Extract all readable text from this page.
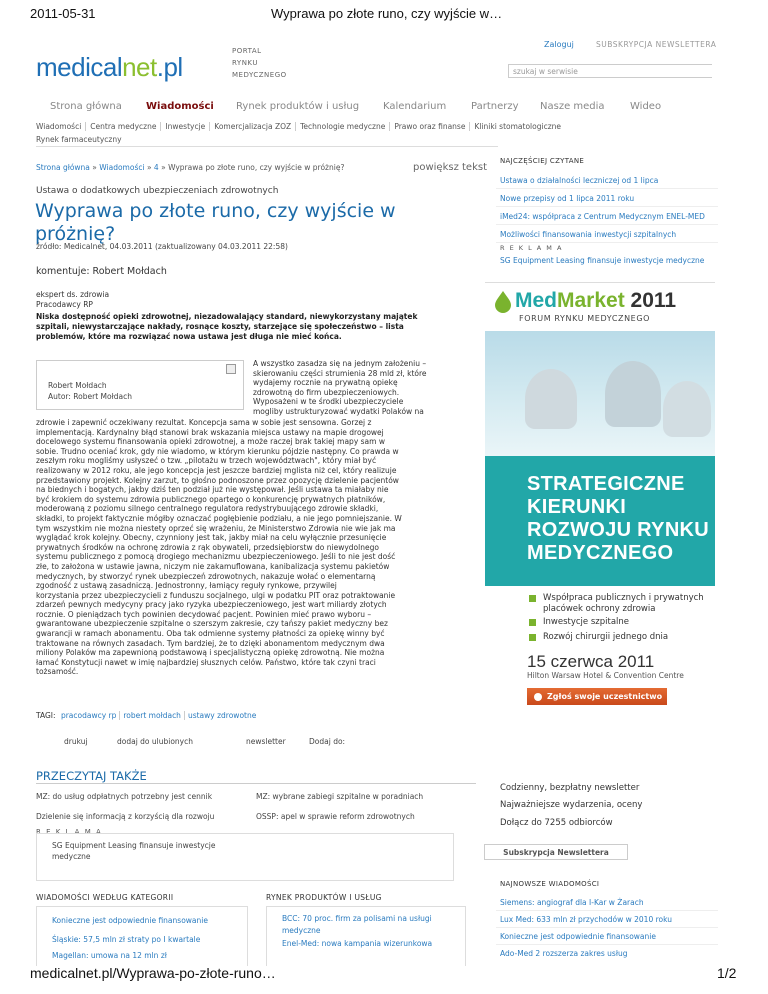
2011-05-31	Wyprawa po złote runo, czy wyjście w…
medicalnet.pl/Wyprawa-po-złote-runo…	1/2
Zaloguj	SUBSKRYPCJA NEWSLETTERA
medicalnet.pl
PORTAL
RYNKU
MEDYCZNEGO	szukaj w serwisie
Strona główna Wiadomości Rynek produktów i usług Kalendarium Partnerzy Nasze media	Wideo
Wiadomości Centra medyczne Inwestycje Komercjalizacja ZOZ Technologie medyczne Prawo oraz finanse Kliniki stomatologiczne
Rynek farmaceutyczny
Strona główna » Wiadomości » 4 » Wyprawa po złote runo, czy wyjście w próżnię?	powiększ tekst
Ustawa o dodatkowych ubezpieczeniach zdrowotnych
Wyprawa po złote runo, czy wyjście w próżnię?
źródło: Medicalnet, 04.03.2011 (zaktualizowany 04.03.2011 22:58)
komentuje: Robert Mołdach
ekspert ds. zdrowia
Pracodawcy RP
Niska dostępność opieki zdrowotnej, niezadowalający standard, niewykorzystany majątek szpitali, niewystarczające nakłady, rosnące koszty, starzejące się społeczeństwo – lista problemów, które ma rozwiązać nowa ustawa jest długa nie mieć końca.
Robert Mołdach
Autor: Robert Mołdach
A wszystko zasadza się na jednym założeniu –
skierowaniu części strumienia 28 mld zł, które
wydajemy rocznie na prywatną opiekę
zdrowotną do firm ubezpieczeniowych.
Wyposażeni w te środki ubezpieczyciele
mogliby ustrukturyzować wydatki Polaków na
zdrowie i zapewnić oczekiwany rezultat. Koncepcja sama w sobie jest sensowna. Gorzej z
implementacją. Kardynalny błąd stanowi brak wskazania miejsca ustawy na mapie drogowej
docelowego systemu finansowania opieki zdrowotnej, a może raczej brak takiej mapy sam w
sobie. Trudno oceniać krok, gdy nie wiadomo, w którym kierunku pójdzie następny. Co prawda w
zeszłym roku mogliśmy usłyszeć o tzw. „pilotażu w trzech województwach", który miał być
realizowany w 2012 roku, ale jego koncepcja jest jeszcze bardziej mglista niż cel, który realizuje
przedstawiony projekt. Kolejny zarzut, to głośno podnoszone przez opozycję dzielenie pacjentów
na biednych i bogatych, jakby dziś ten podział już nie występował. Jeśli ustawa ta miałaby nie
być krokiem do systemu zdrowia publicznego opartego o konkurencję prywatnych płatników,
moderowaną z poziomu silnego centralnego regulatora redystrybuującego zdrowie składki,
składki, to projekt faktycznie mógłby oznaczać pogłębienie podziału, a nie jego pomniejszanie. W
tym wszystkim nie można niestety oprzeć się wrażeniu, że Ministerstwo Zdrowia nie wie jak ma
wyglądać krok kolejny. Obecny, czynniony jest tak, jakby miał na celu wyłącznie przesunięcie
prywatnych środków na ochronę zdrowia z rąk obywateli, przedsiębiorstw do niewydolnego
systemu publicznego z pomocą drogiego mechanizmu ubezpieczeniowego. Jeśli to nie jest dość
złe, to założona w ustawie jawna, niczym nie zakamuflowana, kanibalizacja systemu pakietów
medycznych, by stworzyć rynek ubezpieczeń zdrowotnych, nakazuje wołać o elementarną
zgodność z ustawą zasadniczą. Jednostronny, łamiący reguły rynkowe, przywilej
korzystania przez ubezpieczycieli z funduszu socjalnego, ulgi w podatku PIT oraz potraktowanie
zdarzeń pewnych medycyny pracy jako ryzyka ubezpieczeniowego, jest wart miliardy złotych
rocznie. O pieniądzach tych powinien decydować pacjent. Powinien mieć prawo wyboru –
gwarantowane ubezpieczenie szpitalne o szerszym zakresie, czy tańszy pakiet medyczny bez
gwarancji w ramach abonamentu. Oba tak odmienne systemy płatności za opiekę winny być
traktowane na równych zasadach. Tym bardziej, że to dzięki abonamentom medycznym dwa
miliony Polaków ma zapewnioną podstawową i specjalistyczną opiekę zdrowotną. Nie można
łamać Konstytucji nawet w imię najbardziej słusznych celów. Państwo, które tak czyni traci
tożsamość.
TAGI: pracodawcy rp robert mołdach ustawy zdrowotne
drukuj	dodaj do ulubionych	newsletter	Dodaj do:
PRZECZYTAJ TAKŻE
MZ: do usług odpłatnych potrzebny jest cennik	MZ: wybrane zabiegi szpitalne w poradniach
Dzielenie się informacją z korzyścią dla rozwoju	OSSP: apel w sprawie reform zdrowotnych
R E K L A M A
SG Equipment Leasing finansuje inwestycje medyczne
WIADOMOŚCI WEDŁUG KATEGORII
Konieczne jest odpowiednie finansowanie
Śląskie: 57,5 mln zł straty po I kwartale
Magellan: umowa na 12 mln zł
RYNEK PRODUKTÓW I USŁUG
BCC: 70 proc. firm za polisami na usługi medyczne
Enel-Med: nowa kampania wizerunkowa
NAJCZĘŚCIEJ CZYTANE
Ustawa o działalności leczniczej od 1 lipca
Nowe przepisy od 1 lipca 2011 roku
iMed24: współpraca z Centrum Medycznym ENEL-MED
Możliwości finansowania inwestycji szpitalnych
R E K L A M A
SG Equipment Leasing finansuje inwestycje medyczne
MedMarket 2011
FORUM RYNKU MEDYCZNEGO
STRATEGICZNE
KIERUNKI
ROZWOJU RYNKU
MEDYCZNEGO
Współpraca publicznych i prywatnych placówek ochrony zdrowia
Inwestycje szpitalne
Rozwój chirurgii jednego dnia
15 czerwca 2011
Hilton Warsaw Hotel & Convention Centre
Zgłoś swoje uczestnictwo
Codzienny, bezpłatny newsletter
Najważniejsze wydarzenia, oceny
Dołącz do 7255 odbiorców
Subskrypcja Newslettera
NAJNOWSZE WIADOMOŚCI
Siemens: angiograf dla I-Kar w Żarach
Lux Med: 633 mln zł przychodów w 2010 roku
Konieczne jest odpowiednie finansowanie
Ado-Med 2 rozszerza zakres usług
